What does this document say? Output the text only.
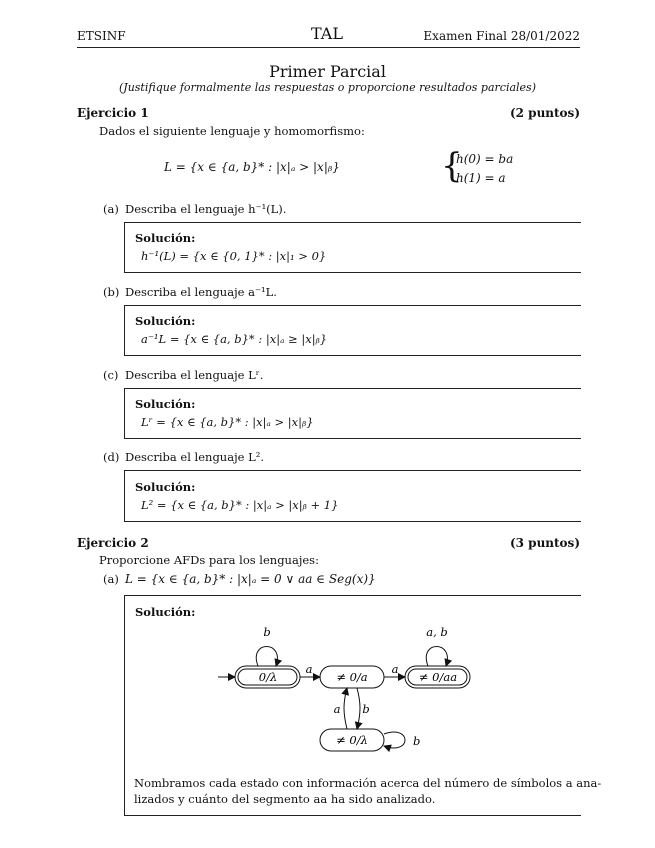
ETSINF	TAL	Examen Final 28/01/2022
Primer Parcial
(Justifique formalmente las respuestas o proporcione resultados parciales)
Ejercicio 1	(2 puntos)
Dados el siguiente lenguaje y homomorfismo:
L = {x ∈ {a, b}* : |x|ₐ > |x|ᵦ}	{
h(0) = ba
h(1) = a
(a) Describa el lenguaje h⁻¹(L).
Solución:
h⁻¹(L) = {x ∈ {0, 1}* : |x|₁ > 0}
(b) Describa el lenguaje a⁻¹L.
Solución:
a⁻¹L = {x ∈ {a, b}* : |x|ₐ ≥ |x|ᵦ}
(c) Describa el lenguaje Lʳ.
Solución:
Lʳ = {x ∈ {a, b}* : |x|ₐ > |x|ᵦ}
(d) Describa el lenguaje L².
Solución:
L² = {x ∈ {a, b}* : |x|ₐ > |x|ᵦ + 1}
Ejercicio 2	(3 puntos)
Proporcione AFDs para los lenguajes:
(a) L = {x ∈ {a, b}* : |x|ₐ = 0 ∨ aa ∈ Seg(x)}
Solución:
0/λ
b
a
≠ 0/a
a
≠ 0/aa
a, b
≠ 0/λ
a b
b
Nombramos cada estado con información acerca del número de símbolos a ana-
lizados y cuánto del segmento aa ha sido analizado.
